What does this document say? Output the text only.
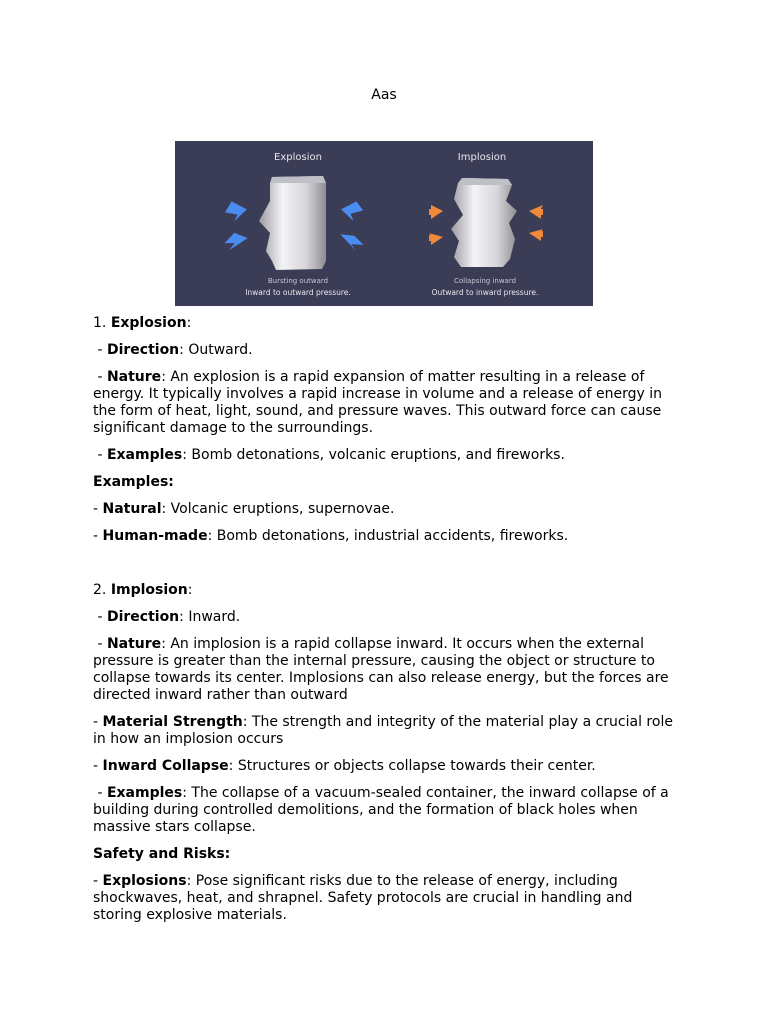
Aas
Explosion
Bursting outward
Inward to outward pressure.
Implosion
Collapsing inward
Outward to inward pressure.

1. Explosion:

- Direction: Outward.

- Nature: An explosion is a rapid expansion of matter resulting in a release of energy. It typically involves a rapid increase in volume and a release of energy in the form of heat, light, sound, and pressure waves. This outward force can cause significant damage to the surroundings.

- Examples: Bomb detonations, volcanic eruptions, and fireworks.

Examples:

- Natural: Volcanic eruptions, supernovae.

- Human-made: Bomb detonations, industrial accidents, fireworks.

2. Implosion:

- Direction: Inward.

- Nature: An implosion is a rapid collapse inward. It occurs when the external pressure is greater than the internal pressure, causing the object or structure to collapse towards its center. Implosions can also release energy, but the forces are directed inward rather than outward

- Material Strength: The strength and integrity of the material play a crucial role in how an implosion occurs

- Inward Collapse: Structures or objects collapse towards their center.

- Examples: The collapse of a vacuum-sealed container, the inward collapse of a building during controlled demolitions, and the formation of black holes when massive stars collapse.

Safety and Risks:

- Explosions: Pose significant risks due to the release of energy, including shockwaves, heat, and shrapnel. Safety protocols are crucial in handling and storing explosive materials.
